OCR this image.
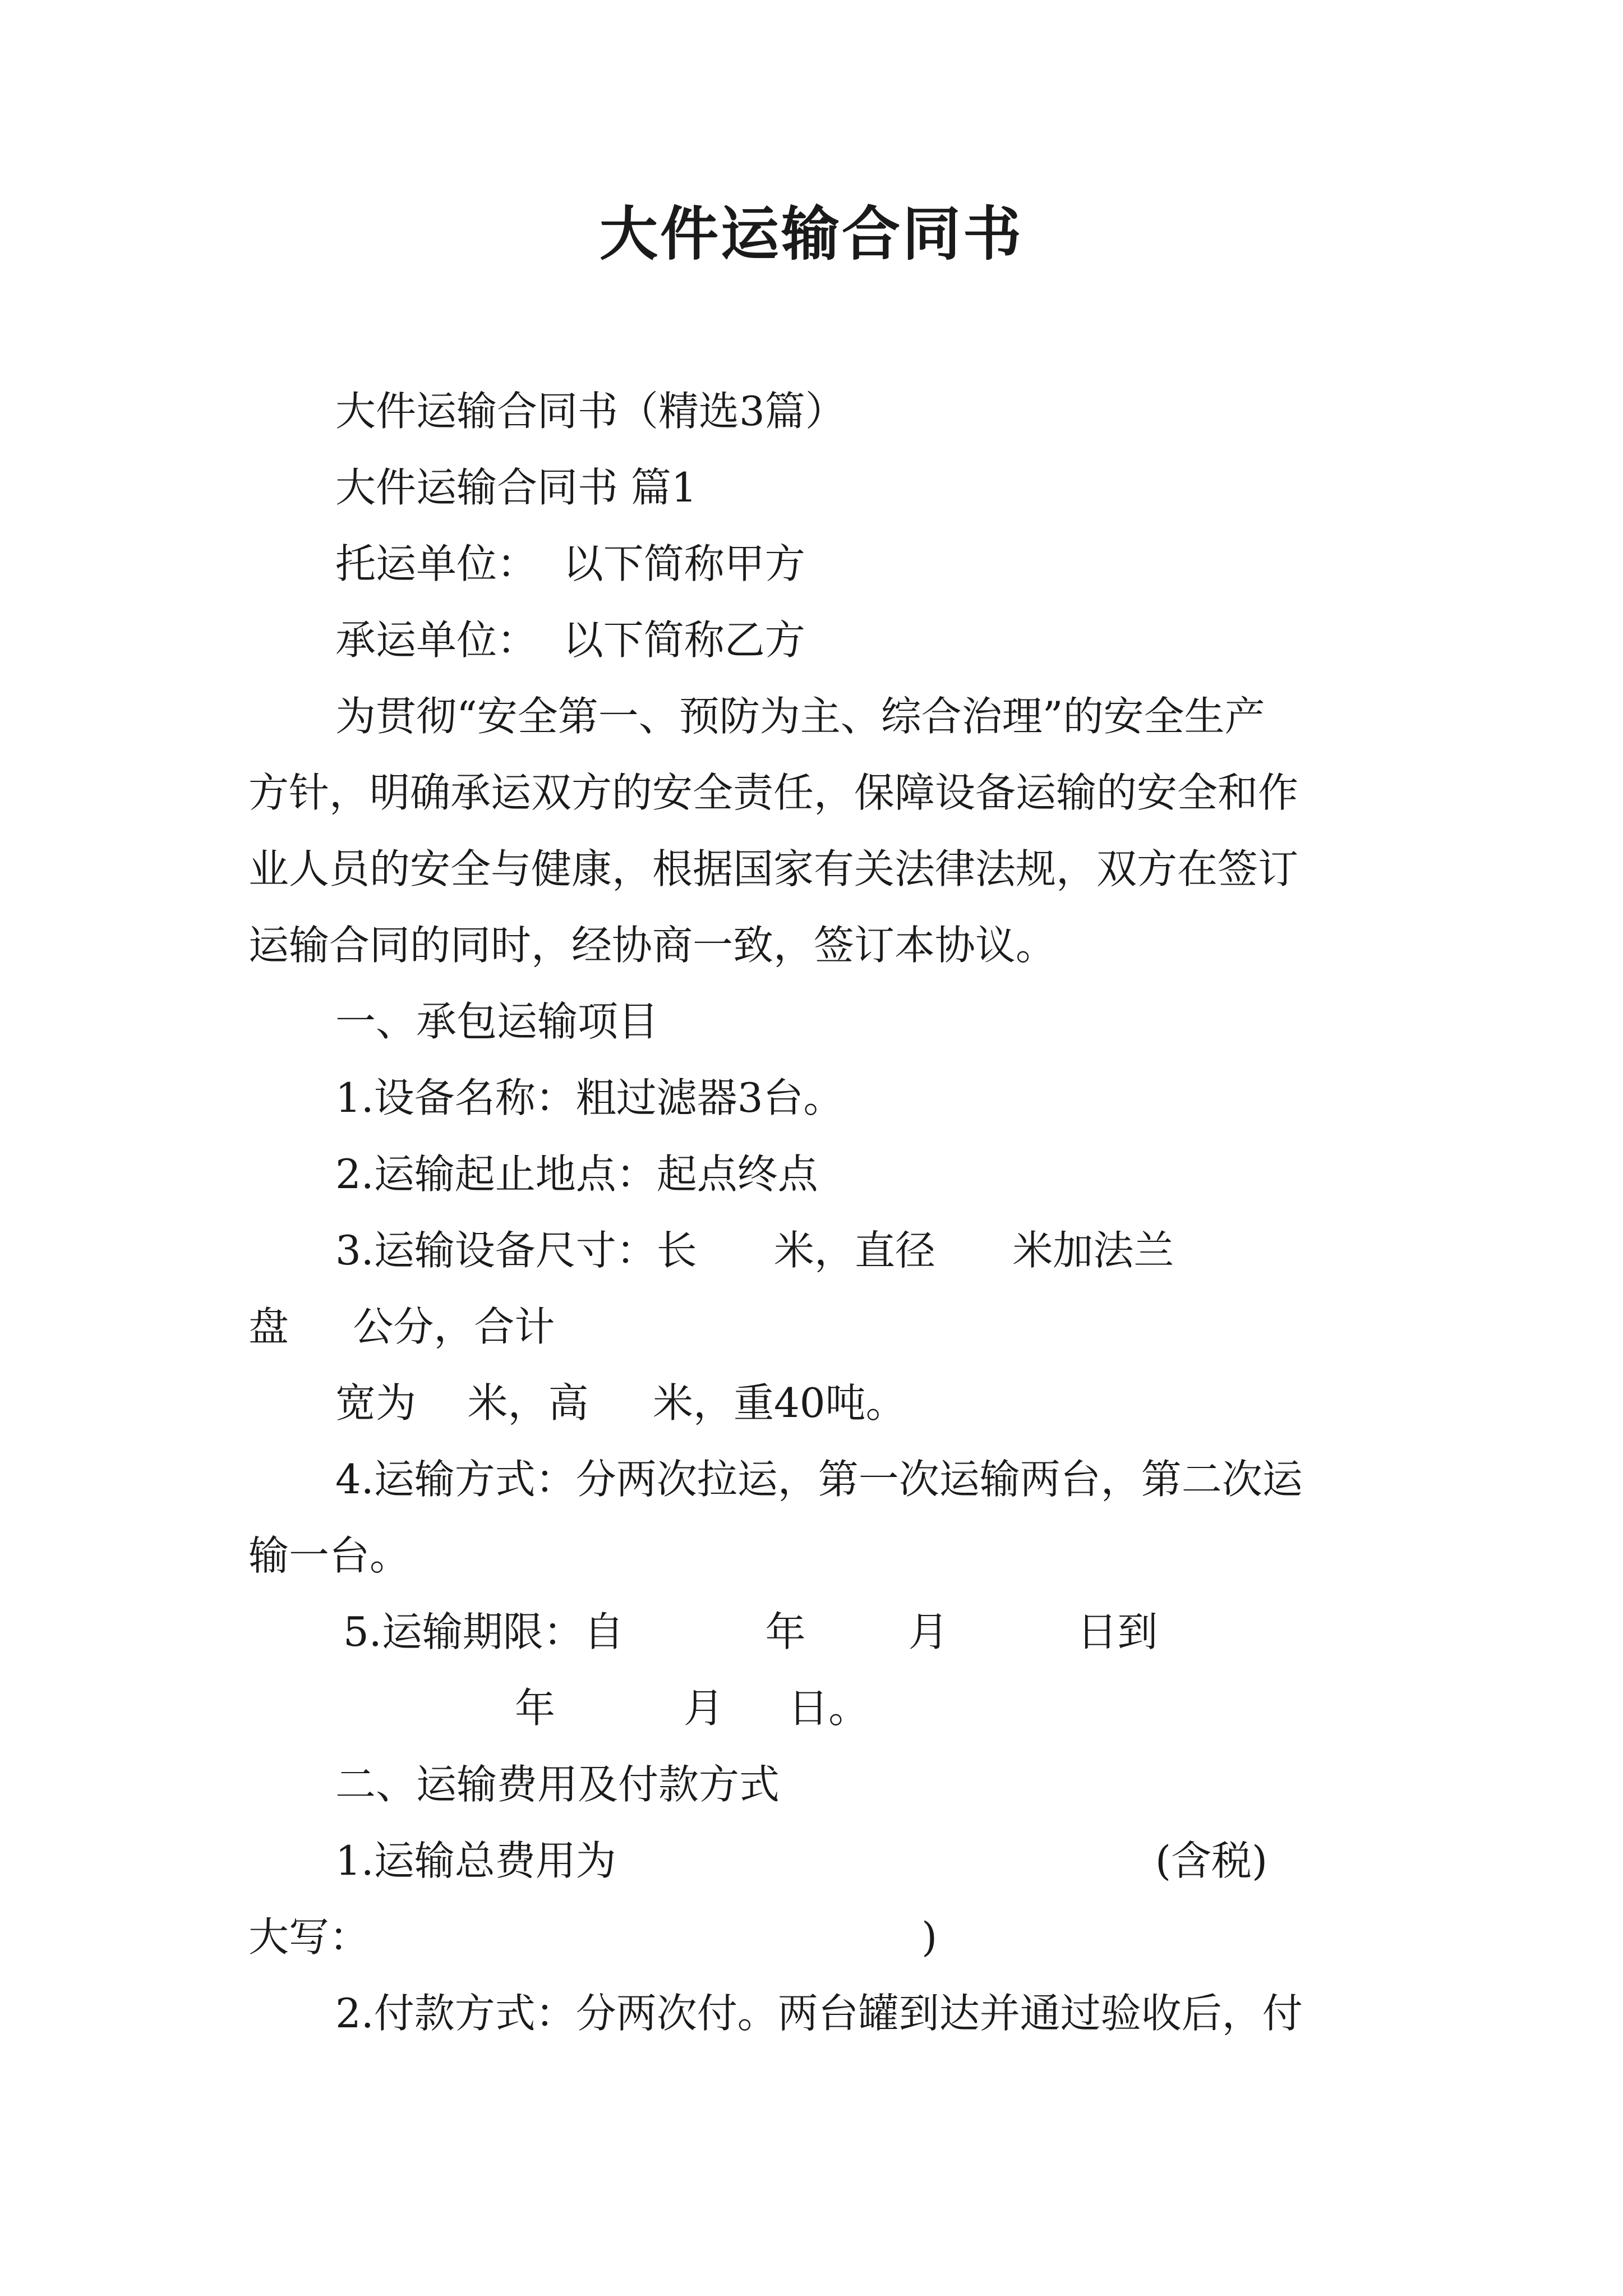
大件运输合同书
大件运输合同书（精选3篇）
大件运输合同书 篇1
托运单位：  以下简称甲方
承运单位：  以下简称乙方
为贯彻“安全第一、预防为主、综合治理”的安全生产
方针，明确承运双方的安全责任，保障设备运输的安全和作
业人员的安全与健康，根据国家有关法律法规，双方在签订
运输合同的同时，经协商一致，签订本协议。
一、承包运输项目
1.设备名称：粗过滤器3台。
2.运输起止地点：起点终点
3.运输设备尺寸：长      米，直径      米加法兰
盘     公分，合计
宽为    米，高     米，重40吨。
4.运输方式：分两次拉运，第一次运输两台，第二次运
输一台。
5.运输期限：自           年        月          日到
年          月     日。
二、运输费用及付款方式
1.运输总费用为                                          (含税)
大写：                                           )
2.付款方式：分两次付。两台罐到达并通过验收后，付
